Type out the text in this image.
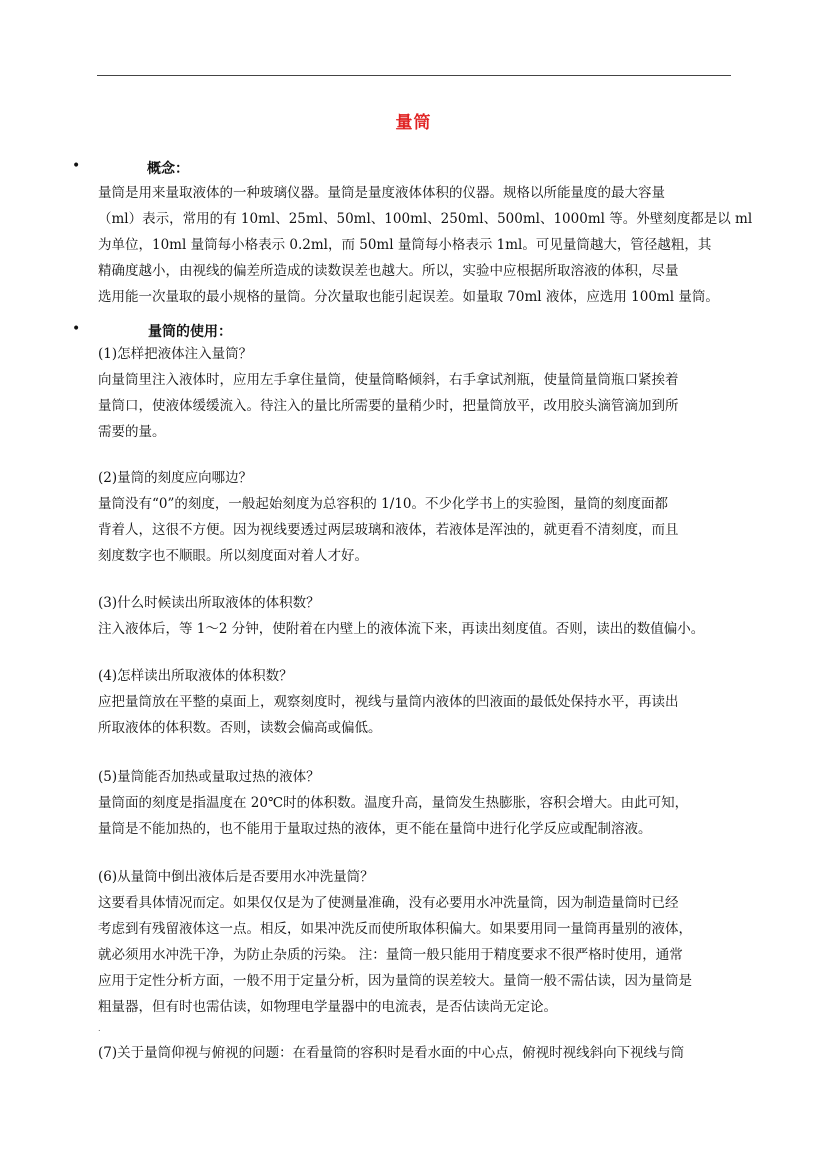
量筒
•	概念：

量筒是用来量取液体的一种玻璃仪器。量筒是量度液体体积的仪器。规格以所能量度的最大容量

（ml）表示，常用的有 10ml、25ml、50ml、100ml、250ml、500ml、1000ml 等。外壁刻度都是以 ml

为单位，10ml 量筒每小格表示 0.2ml，而 50ml 量筒每小格表示 1ml。可见量筒越大，管径越粗，其

精确度越小，由视线的偏差所造成的读数误差也越大。所以，实验中应根据所取溶液的体积，尽量

选用能一次量取的最小规格的量筒。分次量取也能引起误差。如量取 70ml 液体，应选用 100ml 量筒。

•	量筒的使用：

(1)怎样把液体注入量筒？

向量筒里注入液体时，应用左手拿住量筒，使量筒略倾斜，右手拿试剂瓶，使量筒量筒瓶口紧挨着

量筒口，使液体缓缓流入。待注入的量比所需要的量稍少时，把量筒放平，改用胶头滴管滴加到所

需要的量。

(2)量筒的刻度应向哪边？

量筒没有“0”的刻度，一般起始刻度为总容积的 1/10。不少化学书上的实验图，量筒的刻度面都

背着人，这很不方便。因为视线要透过两层玻璃和液体，若液体是浑浊的，就更看不清刻度，而且

刻度数字也不顺眼。所以刻度面对着人才好。

(3)什么时候读出所取液体的体积数？

注入液体后，等 1～2 分钟，使附着在内壁上的液体流下来，再读出刻度值。否则，读出的数值偏小。

(4)怎样读出所取液体的体积数？

应把量筒放在平整的桌面上，观察刻度时，视线与量筒内液体的凹液面的最低处保持水平，再读出

所取液体的体积数。否则，读数会偏高或偏低。

(5)量筒能否加热或量取过热的液体？

量筒面的刻度是指温度在 20℃时的体积数。温度升高，量筒发生热膨胀，容积会增大。由此可知，

量筒是不能加热的，也不能用于量取过热的液体，更不能在量筒中进行化学反应或配制溶液。

(6)从量筒中倒出液体后是否要用水冲洗量筒？

这要看具体情况而定。如果仅仅是为了使测量准确，没有必要用水冲洗量筒，因为制造量筒时已经

考虑到有残留液体这一点。相反，如果冲洗反而使所取体积偏大。如果要用同一量筒再量别的液体，

就必须用水冲洗干净，为防止杂质的污染。 注：量筒一般只能用于精度要求不很严格时使用，通常

应用于定性分析方面，一般不用于定量分析，因为量筒的误差较大。量筒一般不需估读，因为量筒是

粗量器，但有时也需估读，如物理电学量器中的电流表，是否估读尚无定论。

.

(7)关于量筒仰视与俯视的问题：在看量筒的容积时是看水面的中心点，俯视时视线斜向下视线与筒
